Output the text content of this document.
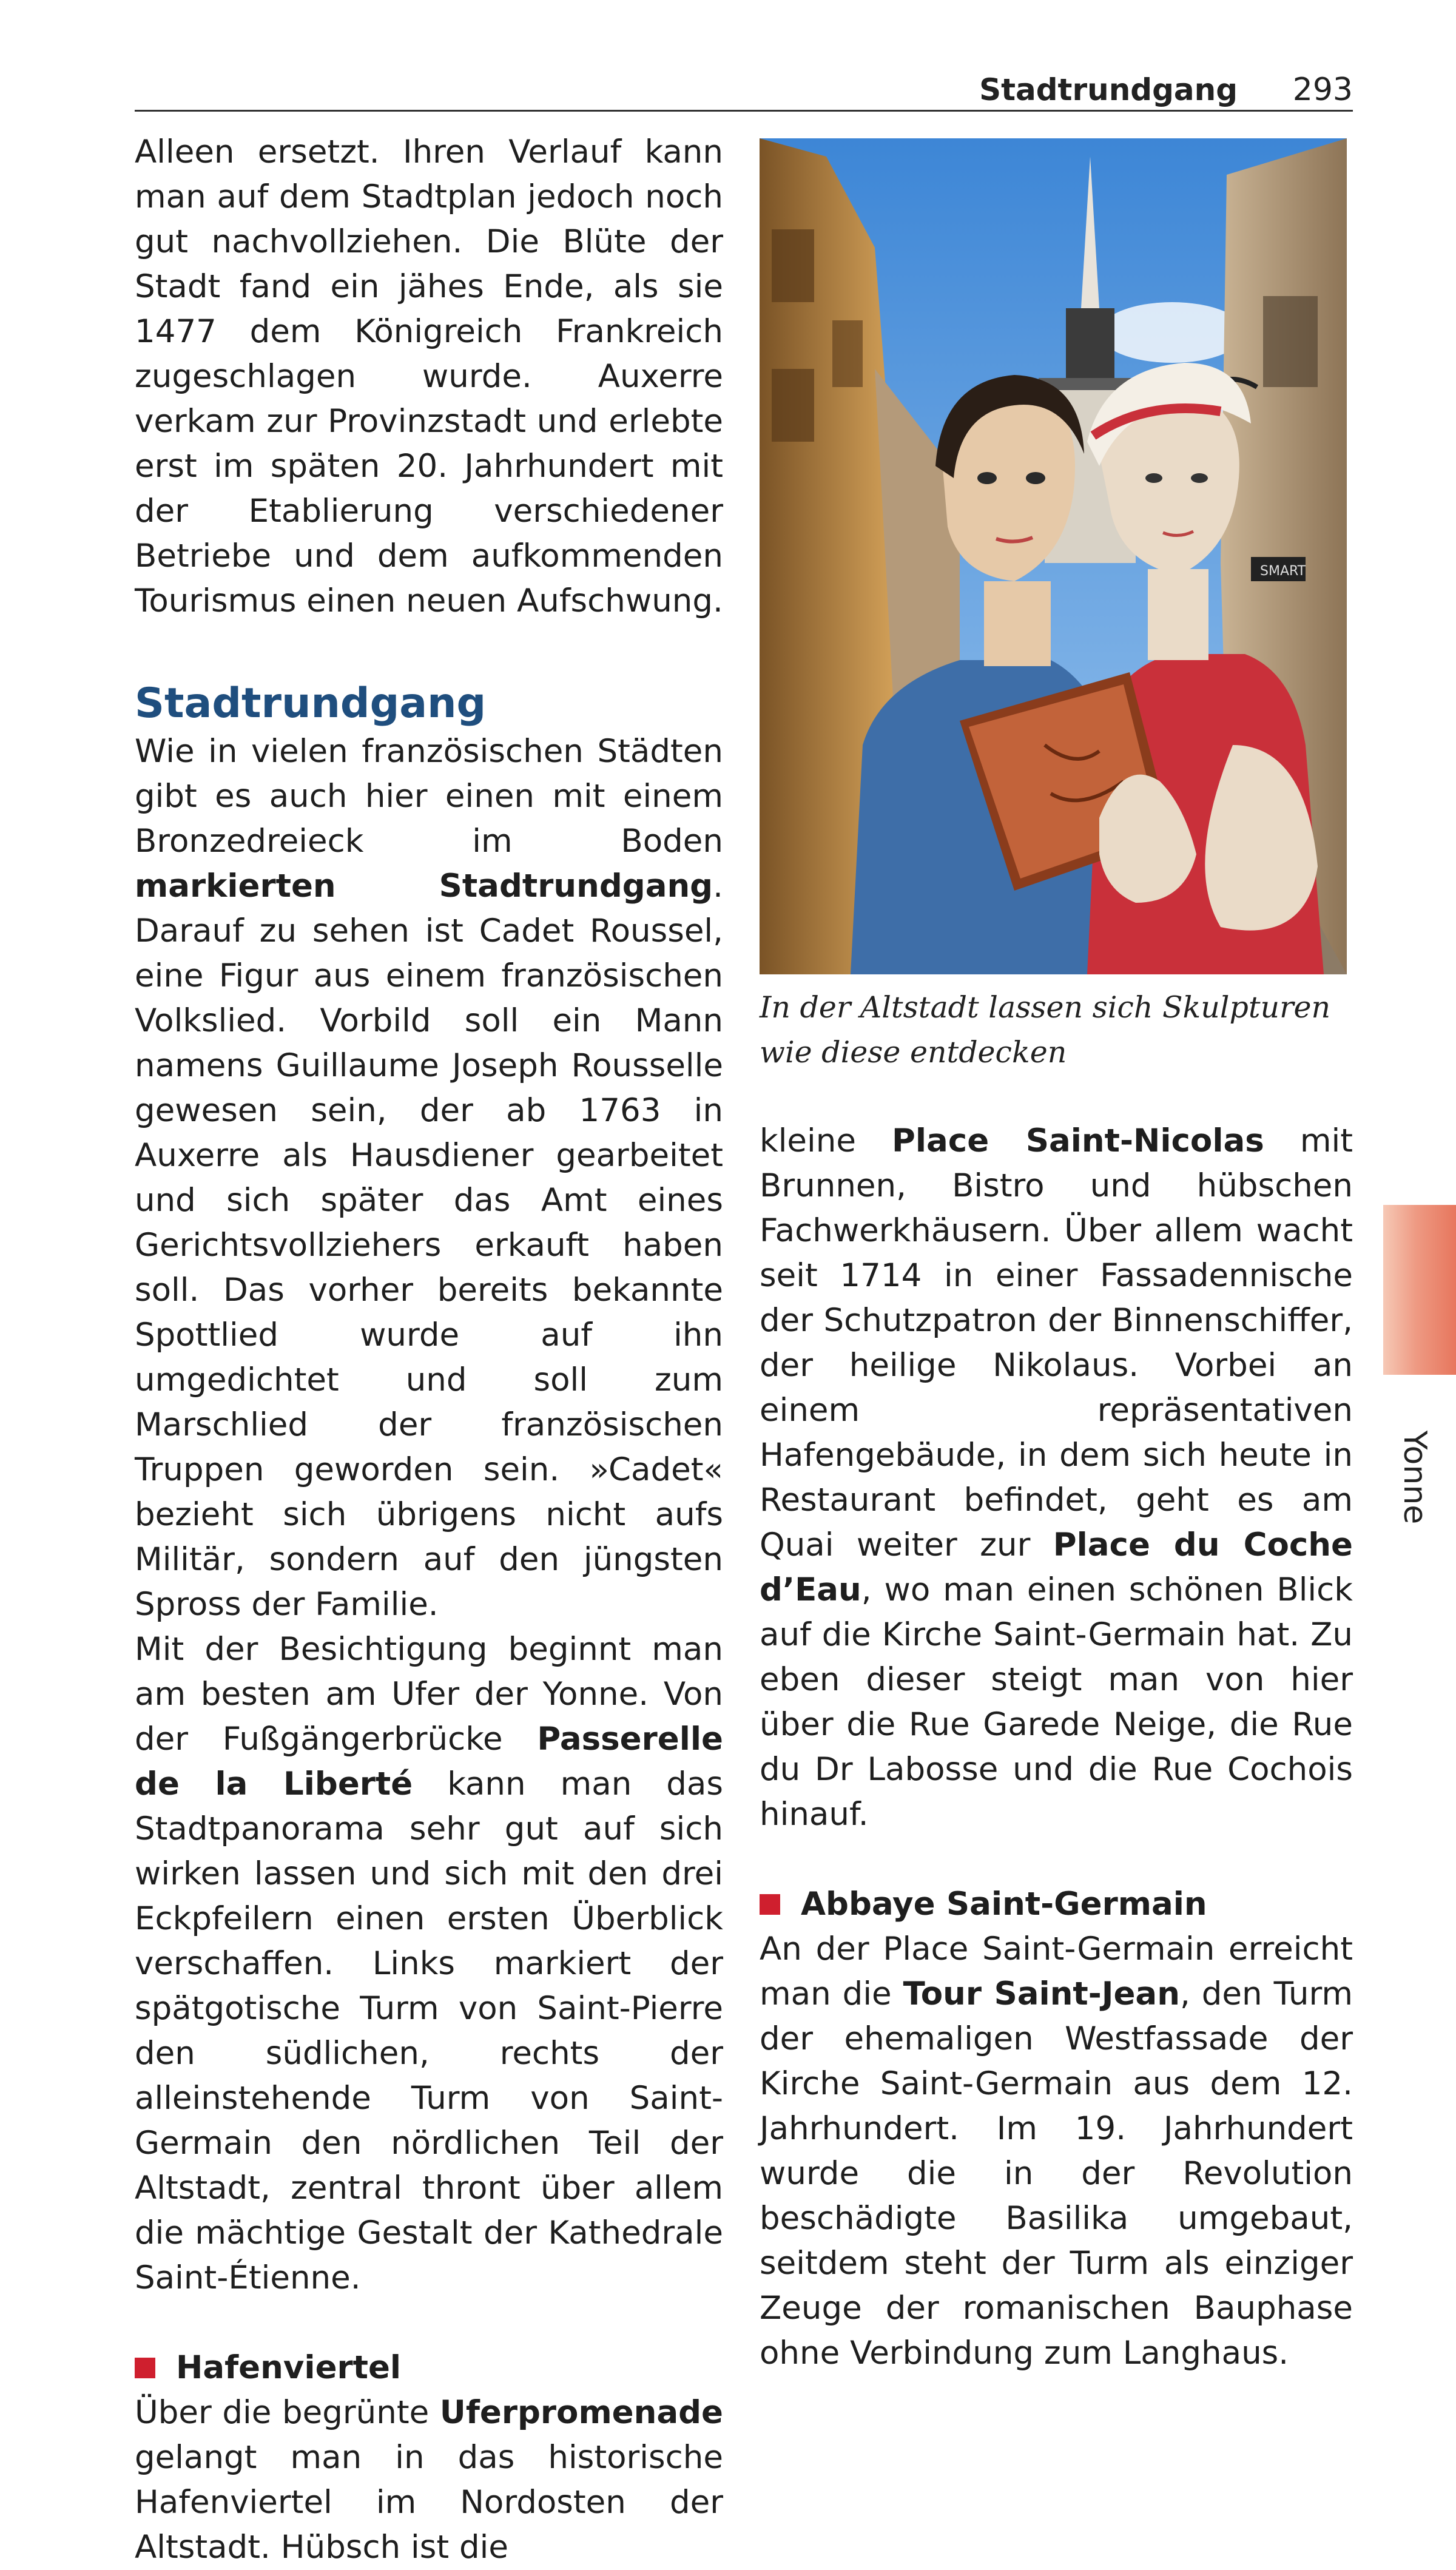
Stadtrundgang	293

Alleen ersetzt. Ihren Verlauf kann man auf dem Stadtplan jedoch noch gut nachvollziehen. Die Blüte der Stadt fand ein jähes Ende, als sie 1477 dem Königreich Frankreich zugeschlagen wurde. Auxerre verkam zur Provinzstadt und erlebte erst im späten 20. Jahrhundert mit der Etablierung verschiedener Betriebe und dem aufkommenden Tourismus einen neuen Aufschwung.

Stadtrundgang

Wie in vielen französischen Städten gibt es auch hier einen mit einem Bronzedreieck im Boden markierten Stadtrundgang. Darauf zu sehen ist Cadet Roussel, eine Figur aus einem französischen Volkslied. Vorbild soll ein Mann namens Guillaume Joseph Rousselle gewesen sein, der ab 1763 in Auxerre als Hausdiener gearbeitet und sich später das Amt eines Gerichtsvollziehers erkauft haben soll. Das vorher bereits bekannte Spottlied wurde auf ihn umgedichtet und soll zum Marschlied der französischen Truppen geworden sein. »Cadet« bezieht sich übrigens nicht aufs Militär, sondern auf den jüngsten Spross der Familie.

Mit der Besichtigung beginnt man am besten am Ufer der Yonne. Von der Fußgängerbrücke Passerelle de la Liberté kann man das Stadtpanorama sehr gut auf sich wirken lassen und sich mit den drei Eckpfeilern einen ersten Überblick verschaffen. Links markiert der spätgotische Turm von Saint-Pierre den südlichen, rechts der alleinstehende Turm von Saint-Germain den nördlichen Teil der Altstadt, zentral thront über allem die mächtige Gestalt der Kathedrale Saint-Étienne.

Hafenviertel

Über die begrünte Uferpromenade gelangt man in das historische Hafenviertel im Nordosten der Altstadt. Hübsch ist die

SMART
In der Altstadt lassen sich Skulpturen wie diese entdecken

kleine Place Saint-Nicolas mit Brunnen, Bistro und hübschen Fachwerkhäusern. Über allem wacht seit 1714 in einer Fassadennische der Schutzpatron der Binnenschiffer, der heilige Nikolaus. Vorbei an einem repräsentativen Hafengebäude, in dem sich heute in Restaurant befindet, geht es am Quai weiter zur Place du Coche d’Eau, wo man einen schönen Blick auf die Kirche Saint-Germain hat. Zu eben dieser steigt man von hier über die Rue Garede Neige, die Rue du Dr Labosse und die Rue Cochois hinauf.

Abbaye Saint-Germain

An der Place Saint-Germain erreicht man die Tour Saint-Jean, den Turm der ehemaligen Westfassade der Kirche Saint-Germain aus dem 12. Jahrhundert. Im 19. Jahrhundert wurde die in der Revolution beschädigte Basilika umgebaut, seitdem steht der Turm als einziger Zeuge der romanischen Bauphase ohne Verbindung zum Langhaus.

Yonne
